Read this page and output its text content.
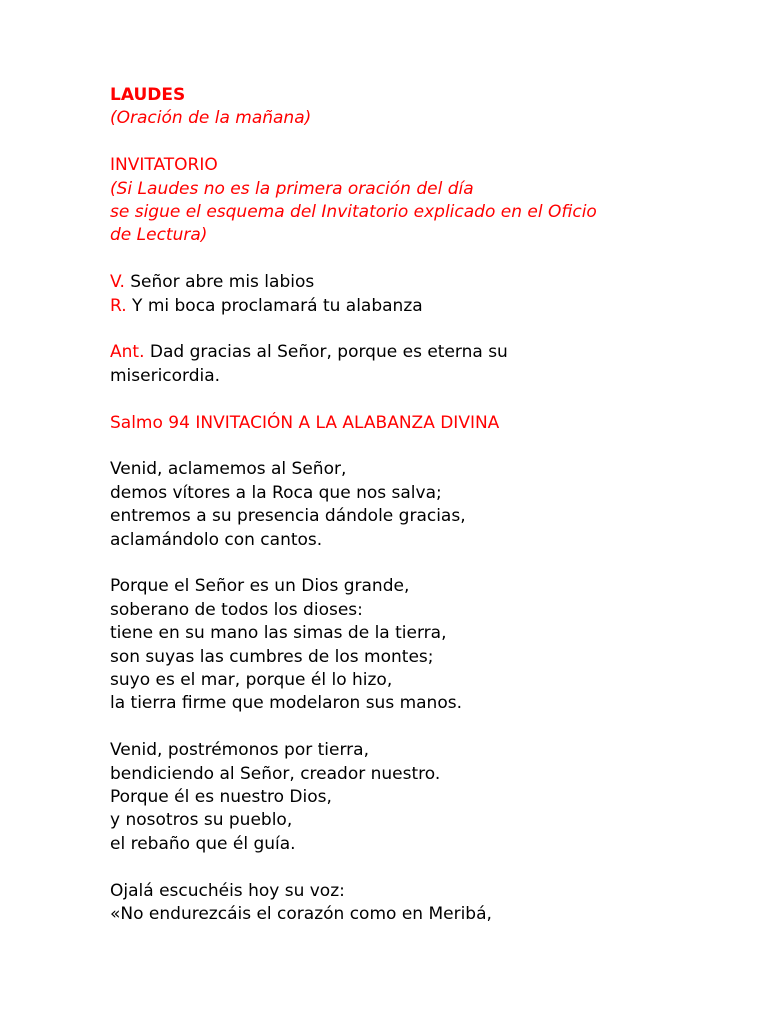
LAUDES

(Oración de la mañana)

INVITATORIO

(Si Laudes no es la primera oración del día

se sigue el esquema del Invitatorio explicado en el Oficio

de Lectura)

V. Señor abre mis labios

R. Y mi boca proclamará tu alabanza

Ant. Dad gracias al Señor, porque es eterna su

misericordia.

Salmo 94 INVITACIÓN A LA ALABANZA DIVINA

Venid, aclamemos al Señor,

demos vítores a la Roca que nos salva;

entremos a su presencia dándole gracias,

aclamándolo con cantos.

Porque el Señor es un Dios grande,

soberano de todos los dioses:

tiene en su mano las simas de la tierra,

son suyas las cumbres de los montes;

suyo es el mar, porque él lo hizo,

la tierra firme que modelaron sus manos.

Venid, postrémonos por tierra,

bendiciendo al Señor, creador nuestro.

Porque él es nuestro Dios,

y nosotros su pueblo,

el rebaño que él guía.

Ojalá escuchéis hoy su voz:

«No endurezcáis el corazón como en Meribá,
